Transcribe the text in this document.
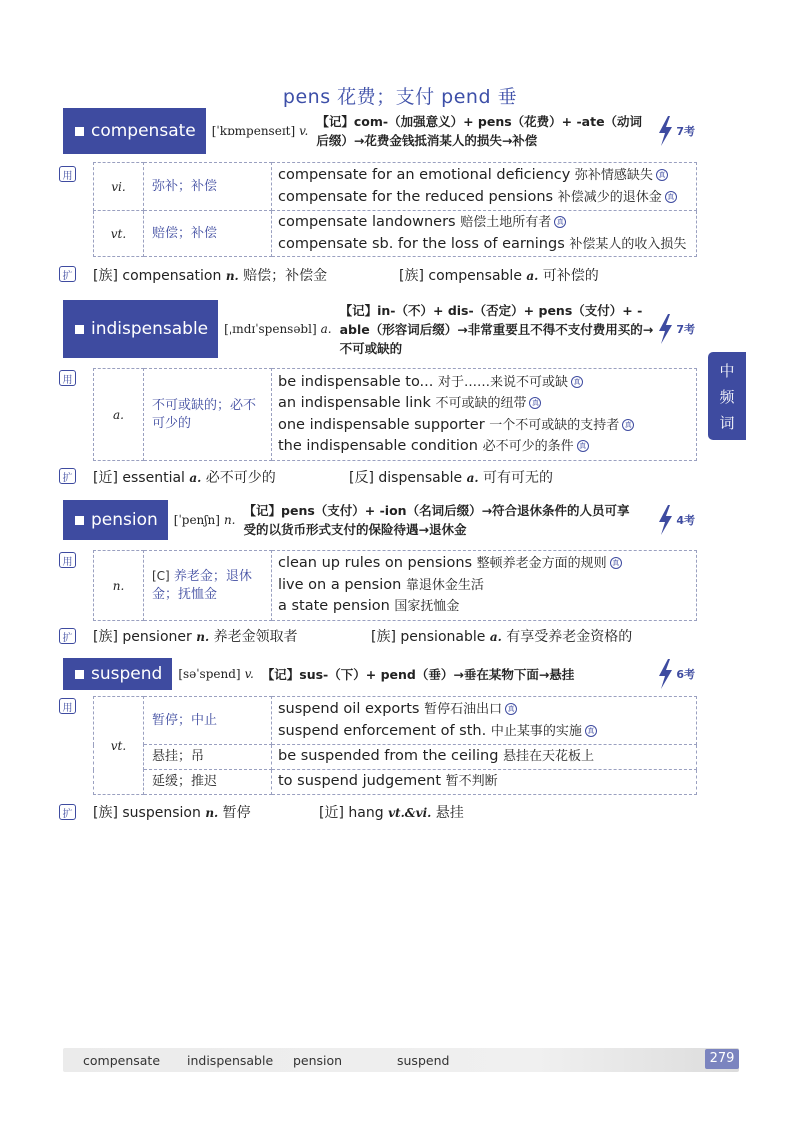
pens 花费；支付 pend 垂
compensate [ˈkɒmpenseɪt] v.
【记】com-（加强意义）+ pens（花费）+ -ate（动词后缀）→花费金钱抵消某人的损失→补偿
7考
用
vi.	弥补；补偿	compensate for an emotional deficiency 弥补情感缺失 真
compensate for the reduced pensions 补偿减少的退休金 真

vt.	赔偿；补偿	compensate landowners 赔偿土地所有者 真
compensate sb. for the loss of earnings 补偿某人的收入损失
扩 [族] compensation n. 赔偿；补偿金	[族] compensable a. 可补偿的
indispensable [ˌɪndɪˈspensəbl] a.
【记】in-（不）+ dis-（否定）+ pens（支付）+ -able（形容词后缀）→非常重要且不得不支付费用买的→不可或缺的
7考
用
a.	不可或缺的；必不可少的	
be indispensable to... 对于……来说不可或缺 真
an indispensable link 不可或缺的纽带 真
one indispensable supporter 一个不可或缺的支持者 真
the indispensable condition 必不可少的条件 真
扩 [近] essential a. 必不可少的	[反] dispensable a. 可有可无的
pension [ˈpenʃn] n.
【记】pens（支付）+ -ion（名词后缀）→符合退休条件的人员可享受的以货币形式支付的保险待遇→退休金
4考
用
n.	[C] 养老金；退休金；抚恤金	
clean up rules on pensions 整顿养老金方面的规则 真
live on a pension 靠退休金生活
a state pension 国家抚恤金
扩 [族] pensioner n. 养老金领取者	[族] pensionable a. 有享受养老金资格的
suspend [səˈspend] v. 【记】sus-（下）+ pend（垂）→垂在某物下面→悬挂	6考
用
vt.	暂停；中止	suspend oil exports 暂停石油出口 真
suspend enforcement of sth. 中止某事的实施 真

	悬挂；吊	be suspended from the ceiling 悬挂在天花板上

	延缓；推迟	to suspend judgement 暂不判断
扩 [族] suspension n. 暂停	[近] hang vt.&vi. 悬挂
中
频
词
compensate indispensable pension	suspend	279
